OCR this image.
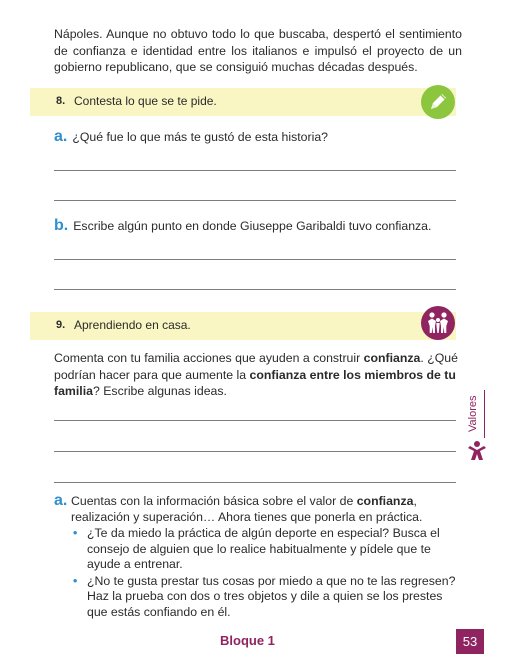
Nápoles. Aunque no obtuvo todo lo que buscaba, despertó el sentimiento de confianza e identidad entre los italianos e impulsó el proyecto de un gobierno republicano, que se consiguió muchas décadas después.

8. Contesta lo que se te pide.
a. ¿Qué fue lo que más te gustó de esta historia?
b. Escribe algún punto en donde Giuseppe Garibaldi tuvo confianza.
9. Aprendiendo en casa.

Comenta con tu familia acciones que ayuden a construir confianza. ¿Qué podrían hacer para que aumente la confianza entre los miembros de tu familia? Escribe algunas ideas.

Valores
a. Cuentas con la información básica sobre el valor de confianza, realización y superación… Ahora tienes que ponerla en práctica.
• ¿Te da miedo la práctica de algún deporte en especial? Busca el consejo de alguien que lo realice habitualmente y pídele que te ayude a entrenar.
• ¿No te gusta prestar tus cosas por miedo a que no te las regresen? Haz la prueba con dos o tres objetos y dile a quien se los prestes que estás confiando en él.
Bloque 1	53
